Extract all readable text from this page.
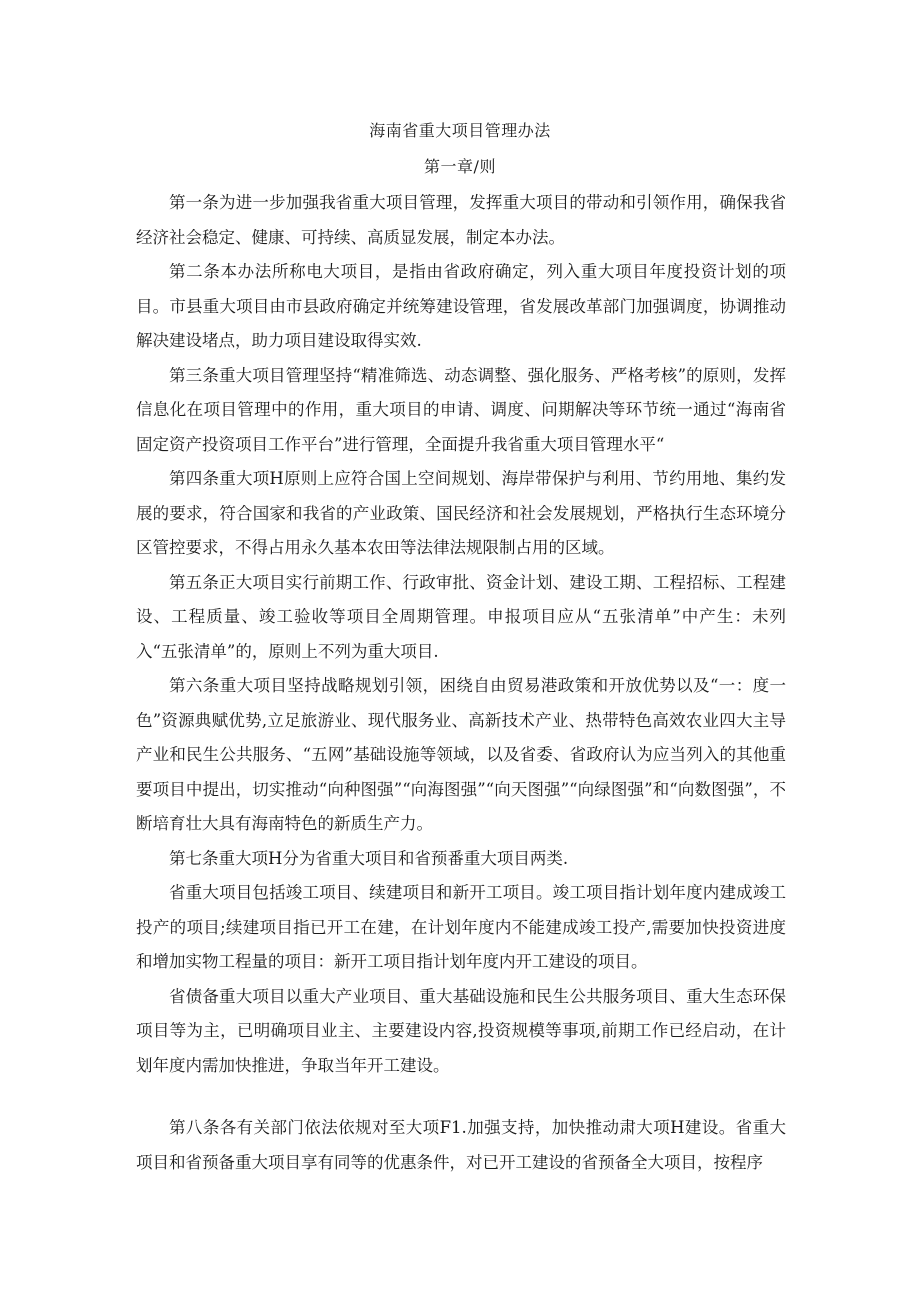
海南省重大项目管理办法
第一章∕则

第一条为进一步加强我省重大项目管理，发挥重大项目的带动和引领作用，确保我省经济社会稳定、健康、可持续、高质显发展，制定本办法。

第二条本办法所称电大项目，是指由省政府确定，列入重大项目年度投资计划的项目。市县重大项目由市县政府确定并统筹建设管理，省发展改革部门加强调度，协调推动解决建设堵点，助力项目建设取得实效.

第三条重大项目管理坚持“精准筛选、动态调整、强化服务、严格考核”的原则，发挥信息化在项目管理中的作用，重大项目的申请、调度、问期解决等环节统一通过“海南省固定资产投资项目工作平台”进行管理，全面提升我省重大项目管理水平“

第四条重大项H原则上应符合国上空间规划、海岸带保护与利用、节约用地、集约发展的要求，符合国家和我省的产业政策、国民经济和社会发展规划，严格执行生态环境分区管控要求，不得占用永久基本农田等法律法规限制占用的区域。

第五条正大项目实行前期工作、行政审批、资金计划、建设工期、工程招标、工程建设、工程质量、竣工验收等项目全周期管理。申报项目应从“五张清单”中产生：未列入“五张清单”的，原则上不列为重大项目.

第六条重大项目坚持战略规划引领，困绕自由贸易港政策和开放优势以及“一：度一色”资源典赋优势,立足旅游业、现代服务业、高新技术产业、热带特色高效农业四大主导产业和民生公共服务、“五网”基础设施等领域，以及省委、省政府认为应当列入的其他重要项目中提出，切实推动“向种图强”“向海图强”“向天图强”“向绿图强”和“向数图强”，不断培育壮大具有海南特色的新质生产力。

第七条重大项H分为省重大项目和省预番重大项目两类.

省重大项目包括竣工项目、续建项目和新开工项目。竣工项目指计划年度内建成竣工投产的项目;续建项目指已开工在建，在计划年度内不能建成竣工投产,需要加快投资进度和增加实物工程量的项目：新开工项目指计划年度内开工建设的项目。

省债备重大项目以重大产业项目、重大基础设施和民生公共服务项目、重大生态环保项目等为主，已明确项目业主、主要建设内容,投资规模等事项,前期工作已经启动，在计划年度内需加快推进，争取当年开工建设。

第八条各有关部门依法依规对至大项F1.加强支持，加快推动肃大项H建设。省重大项目和省预备重大项目享有同等的优惠条件，对已开工建设的省预备全大项目，按程序
